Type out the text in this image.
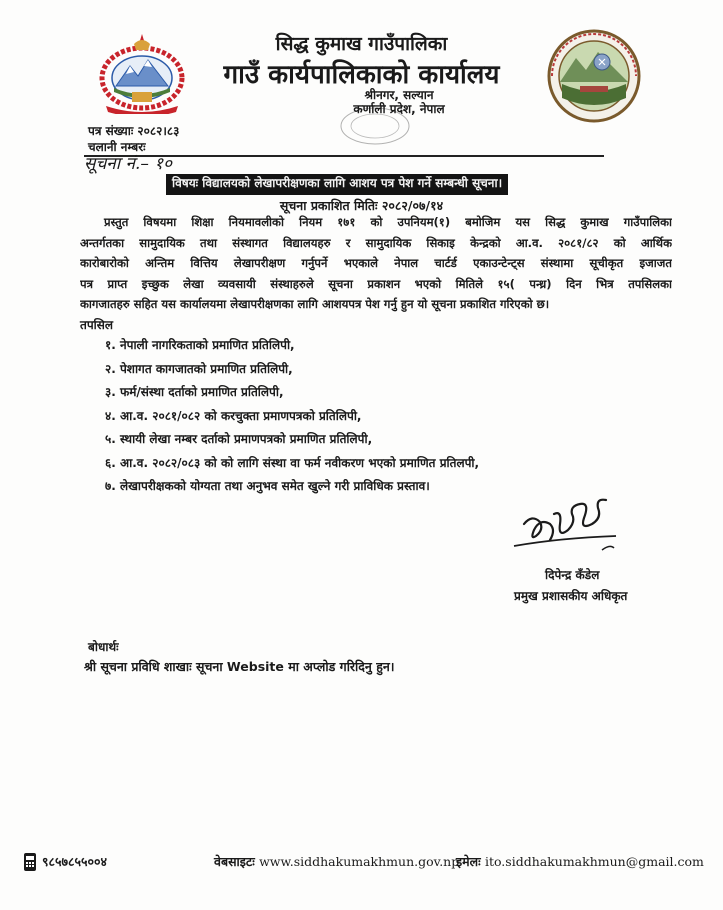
सिद्ध कुमाख गाउँपालिका
गाउँ कार्यपालिकाको कार्यालय
श्रीनगर, सल्यान
कर्णाली प्रदेश, नेपाल
पत्र संख्याः २०८२।८३
चलानी नम्बरः
सूचना नं.– १०
विषयः विद्यालयको लेखापरीक्षणका लागि आशय पत्र पेश गर्ने सम्बन्धी सूचना।
सूचना प्रकाशित मितिः २०८२/०७/१४
प्रस्तुत विषयमा शिक्षा नियमावलीको नियम १७१ को उपनियम(१) बमोजिम यस सिद्ध कुमाख गाउँपालिका
अन्तर्गतका सामुदायिक तथा संस्थागत विद्यालयहरु र सामुदायिक सिकाइ केन्द्रको आ.व. २०८१/८२ को आर्थिक
कारोबारोको अन्तिम वित्तिय लेखापरीक्षण गर्नुपर्ने भएकाले नेपाल चार्टर्ड एकाउन्टेन्ट्स संस्थामा सूचीकृत इजाजत
पत्र प्राप्त इच्छुक लेखा व्यवसायी संस्थाहरुले सूचना प्रकाशन भएको मितिले १५( पन्ध्र) दिन भित्र तपसिलका
कागजातहरु सहित यस कार्यालयमा लेखापरीक्षणका लागि आशयपत्र पेश गर्नु हुन यो सूचना प्रकाशित गरिएको छ।
तपसिल
१. नेपाली नागरिकताको प्रमाणित प्रतिलिपी,
२. पेशागत कागजातको प्रमाणित प्रतिलिपी,
३. फर्म/संस्था दर्ताको प्रमाणित प्रतिलिपी,
४. आ.व. २०८१/०८२ को करचुक्ता प्रमाणपत्रको प्रतिलिपी,
५. स्थायी लेखा नम्बर दर्ताको प्रमाणपत्रको प्रमाणित प्रतिलिपी,
६. आ.व. २०८२/०८३ को को लागि संस्था वा फर्म नवीकरण भएको प्रमाणित प्रतिलपी,
७. लेखापरीक्षकको योग्यता तथा अनुभव समेत खुल्ने गरी प्राविधिक प्रस्ताव।
दिपेन्द्र कँडेल
प्रमुख प्रशासकीय अधिकृत
बोधार्थः
श्री सूचना प्रविधि शाखाः सूचना Website मा अप्लोड गरिदिनु हुन।
९८५७८५५००४	वेबसाइटः www.siddhakumakhmun.gov.np
इमेलः ito.siddhakumakhmun@gmail.com
